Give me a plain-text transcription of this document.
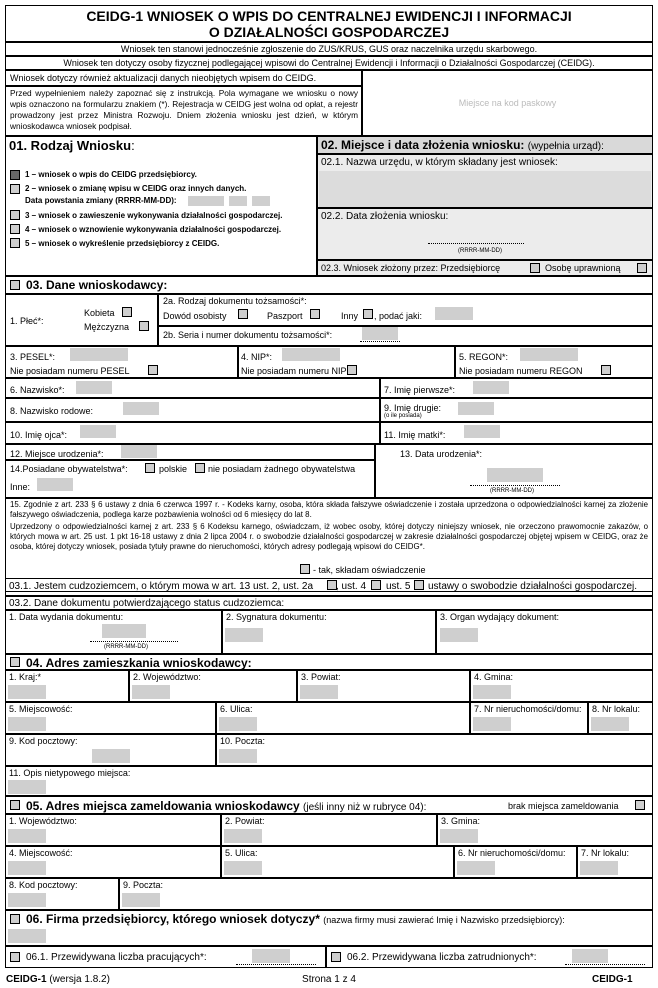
CEIDG-1 WNIOSEK O WPIS DO CENTRALNEJ EWIDENCJI I INFORMACJI
O DZIAŁALNOŚCI GOSPODARCZEJ
Wniosek ten stanowi jednocześnie zgłoszenie do ZUS/KRUS, GUS oraz naczelnika urzędu skarbowego.
Wniosek ten dotyczy osoby fizycznej podlegającej wpisowi do Centralnej Ewidencji i Informacji o Działalności Gospodarczej (CEIDG).
Wniosek dotyczy również aktualizacji danych nieobjętych wpisem do CEIDG.
Przed wypełnieniem należy zapoznać się z instrukcją. Pola wymagane we wniosku o nowy wpis oznaczono na formularzu znakiem (*). Rejestracja w CEIDG jest wolna od opłat, a rejestr prowadzony jest przez Ministra Rozwoju. Dniem złożenia wniosku jest dzień, w którym wnioskodawca wniosek podpisał.
Miejsce na kod paskowy
01. Rodzaj Wniosku:
1 – wniosek o wpis do CEIDG przedsiębiorcy.
2 – wniosek o zmianę wpisu w CEIDG oraz innych danych.
Data powstania zmiany (RRRR-MM-DD):
3 – wniosek o zawieszenie wykonywania działalności gospodarczej.
4 – wniosek o wznowienie wykonywania działalności gospodarczej.
5 – wniosek o wykreślenie przedsiębiorcy z CEIDG.
02. Miejsce i data złożenia wniosku: (wypełnia urząd):
02.1. Nazwa urzędu, w którym składany jest wniosek:
02.2. Data złożenia wniosku:
(RRRR-MM-DD)
02.3. Wniosek złożony przez: Przedsiębiorcę	Osobę uprawnioną
03. Dane wnioskodawcy:
1. Płeć*:
Kobieta
Mężczyzna
2a. Rodzaj dokumentu tożsamości*:
Dowód osobisty	Paszport	Inny , podać jaki:
2b. Seria i numer dokumentu tożsamości*:
3. PESEL*:
Nie posiadam numeru PESEL
4. NIP*:
Nie posiadam numeru NIP
5. REGON*:
Nie posiadam numeru REGON
6. Nazwisko*:	7. Imię pierwsze*:
8. Nazwisko rodowe:	9. Imię drugie:
(o ile posiada)
10. Imię ojca*:	11. Imię matki*:
12. Miejsce urodzenia*:	13. Data urodzenia*:
(RRRR-MM-DD)
14.Posiadane obywatelstwa*:	polskie nie posiadam żadnego obywatelstwa
Inne:
15. Zgodnie z art. 233 § 6 ustawy z dnia 6 czerwca 1997 r. - Kodeks karny, osoba, która składa fałszywe oświadczenie i została uprzedzona o odpowiedzialności karnej za złożenie fałszywego oświadczenia, podlega karze pozbawienia wolności od 6 miesięcy do lat 8.
Uprzedzony o odpowiedzialności karnej z art. 233 § 6 Kodeksu karnego, oświadczam, iż wobec osoby, której dotyczy niniejszy wniosek, nie orzeczono prawomocnie zakazów, o których mowa w art. 25 ust. 1 pkt 16-18 ustawy z dnia 2 lipca 2004 r. o swobodzie działalności gospodarczej w zakresie działalności gospodarczej objętej wpisem w CEIDG, oraz że osoba, której dotyczy wniosek, posiada tytuły prawne do nieruchomości, których adresy podlegają wpisowi do CEIDG*.
- tak, składam oświadczenie
03.1. Jestem cudzoziemcem, o którym mowa w art. 13 ust. 2, ust. 2a , ust. 4 ust. 5 ustawy o swobodzie działalności gospodarczej.
03.2. Dane dokumentu potwierdzającego status cudzoziemca:
1. Data wydania dokumentu:
(RRRR-MM-DD)
2. Sygnatura dokumentu:	3. Organ wydający dokument:
04. Adres zamieszkania wnioskodawcy:
1. Kraj:*	2. Województwo:	3. Powiat:	4. Gmina:
5. Miejscowość:	6. Ulica:	7. Nr nieruchomości/domu: 8. Nr lokalu:
9. Kod pocztowy:	10. Poczta:
11. Opis nietypowego miejsca:
05. Adres miejsca zameldowania wnioskodawcy (jeśli inny niż w rubryce 04):	brak miejsca zameldowania
1. Województwo:	2. Powiat:	3. Gmina:
4. Miejscowość:	5. Ulica:	6. Nr nieruchomości/domu: 7. Nr lokalu:
8. Kod pocztowy:	9. Poczta:
06. Firma przedsiębiorcy, którego wniosek dotyczy* (nazwa firmy musi zawierać Imię i Nazwisko przedsiębiorcy):
06.1. Przewidywana liczba pracujących*:	06.2. Przewidywana liczba zatrudnionych*:
CEIDG-1 (wersja 1.8.2)	Strona 1 z 4	CEIDG-1
